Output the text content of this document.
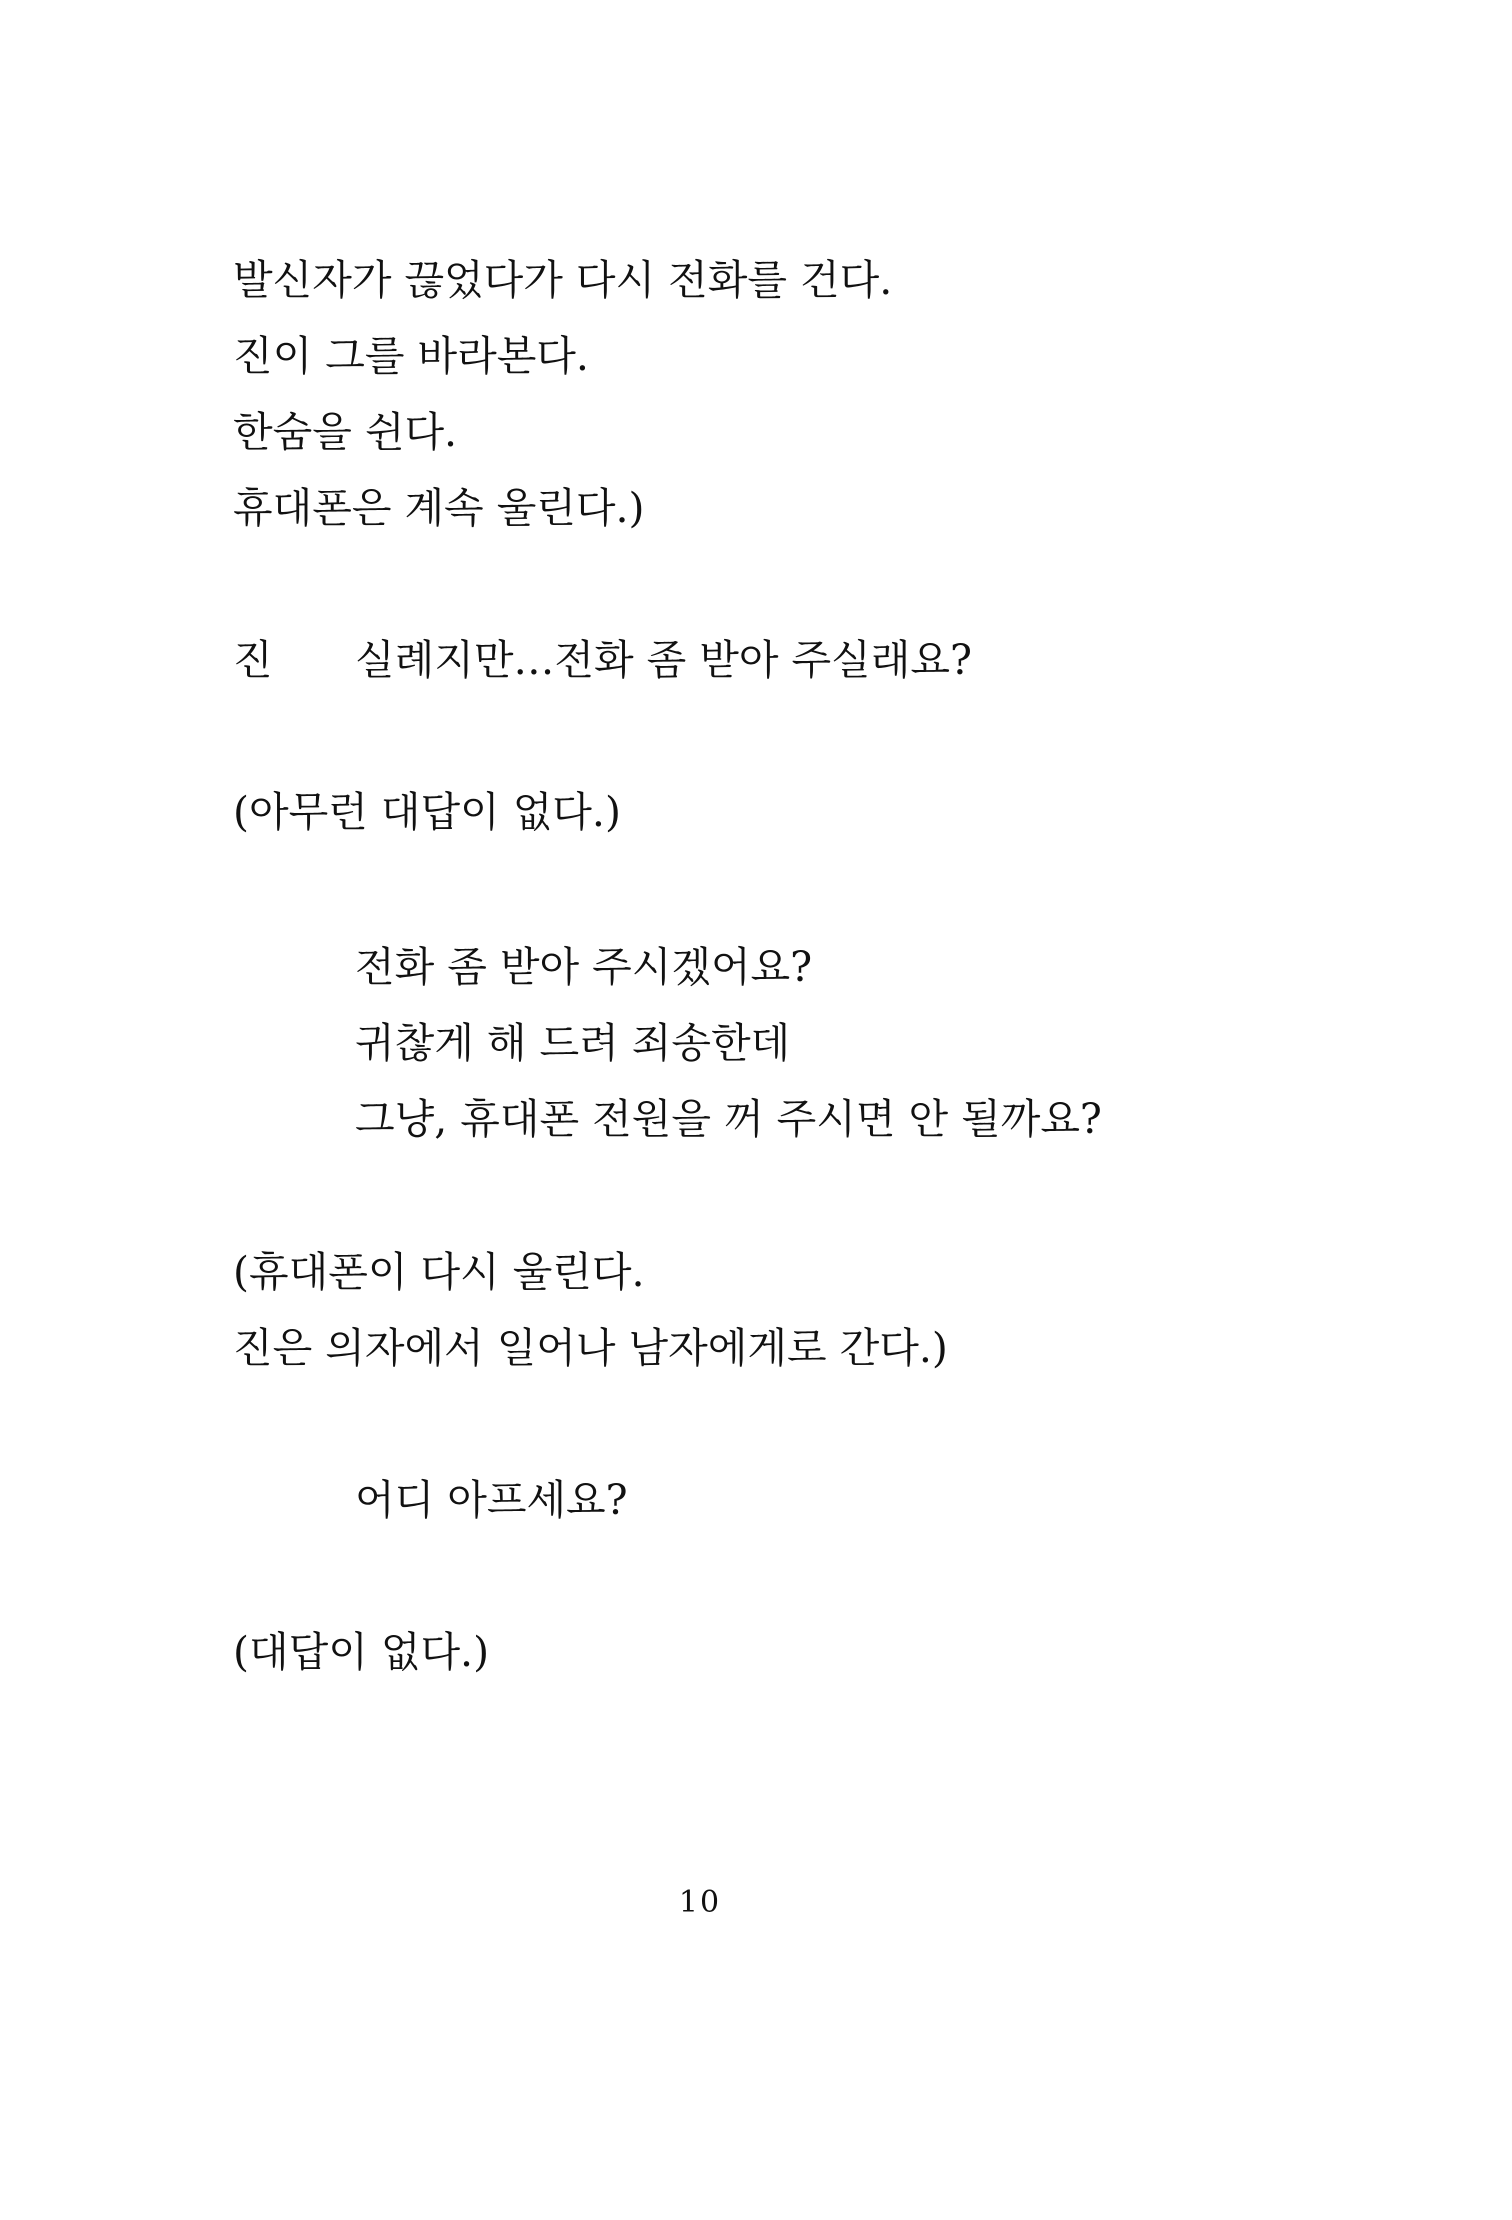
발신자가 끊었다가 다시 전화를 건다.
진이 그를 바라본다.
한숨을 쉰다.
휴대폰은 계속 울린다.)
진 실례지만…전화 좀 받아 주실래요?
(아무런 대답이 없다.)
전화 좀 받아 주시겠어요?
귀찮게 해 드려 죄송한데
그냥, 휴대폰 전원을 꺼 주시면 안 될까요?
(휴대폰이 다시 울린다.
진은 의자에서 일어나 남자에게로 간다.)
어디 아프세요?
(대답이 없다.)
10
